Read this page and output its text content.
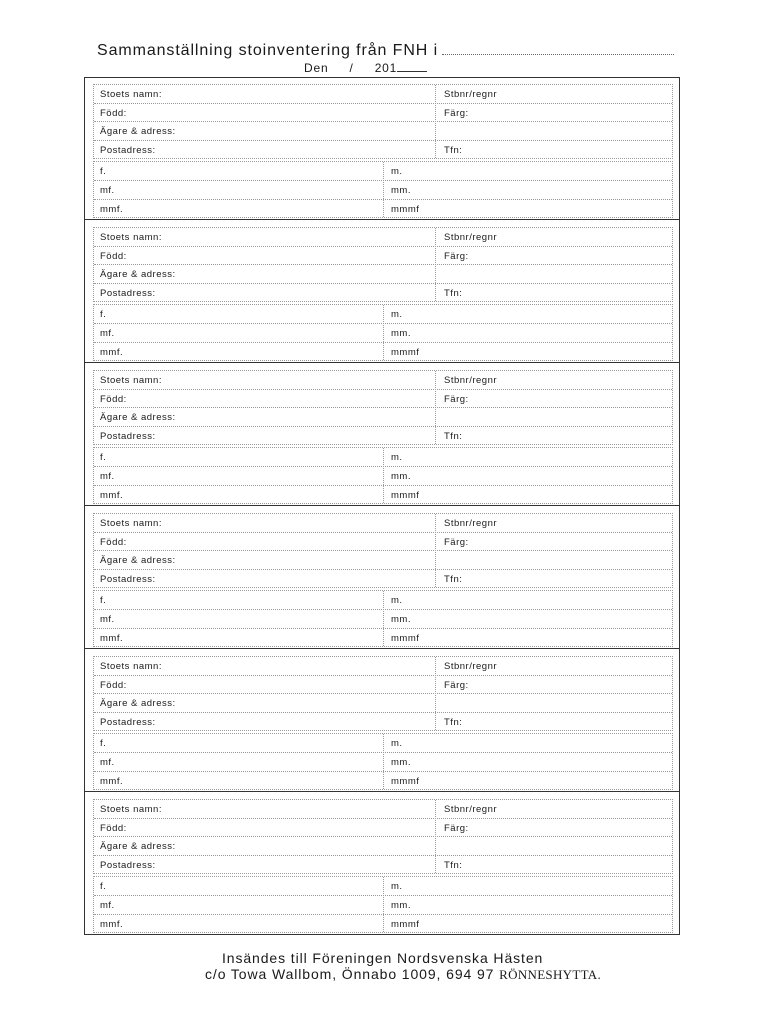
Sammanställning stoinventering från FNH i
Den / 201
Stoets namn:	Stbnr/regnr
Född:	Färg:
Ägare & adress:
Postadress:	Tfn:
f.	m.
mf.	mm.
mmf.	mmmf
Stoets namn:	Stbnr/regnr
Född:	Färg:
Ägare & adress:
Postadress:	Tfn:
f.	m.
mf.	mm.
mmf.	mmmf
Stoets namn:	Stbnr/regnr
Född:	Färg:
Ägare & adress:
Postadress:	Tfn:
f.	m.
mf.	mm.
mmf.	mmmf
Stoets namn:	Stbnr/regnr
Född:	Färg:
Ägare & adress:
Postadress:	Tfn:
f.	m.
mf.	mm.
mmf.	mmmf
Stoets namn:	Stbnr/regnr
Född:	Färg:
Ägare & adress:
Postadress:	Tfn:
f.	m.
mf.	mm.
mmf.	mmmf
Stoets namn:	Stbnr/regnr
Född:	Färg:
Ägare & adress:
Postadress:	Tfn:
f.	m.
mf.	mm.
mmf.	mmmf
Insändes till Föreningen Nordsvenska Hästen
c/o Towa Wallbom, Önnabo 1009, 694 97 RÖNNESHYTTA.
